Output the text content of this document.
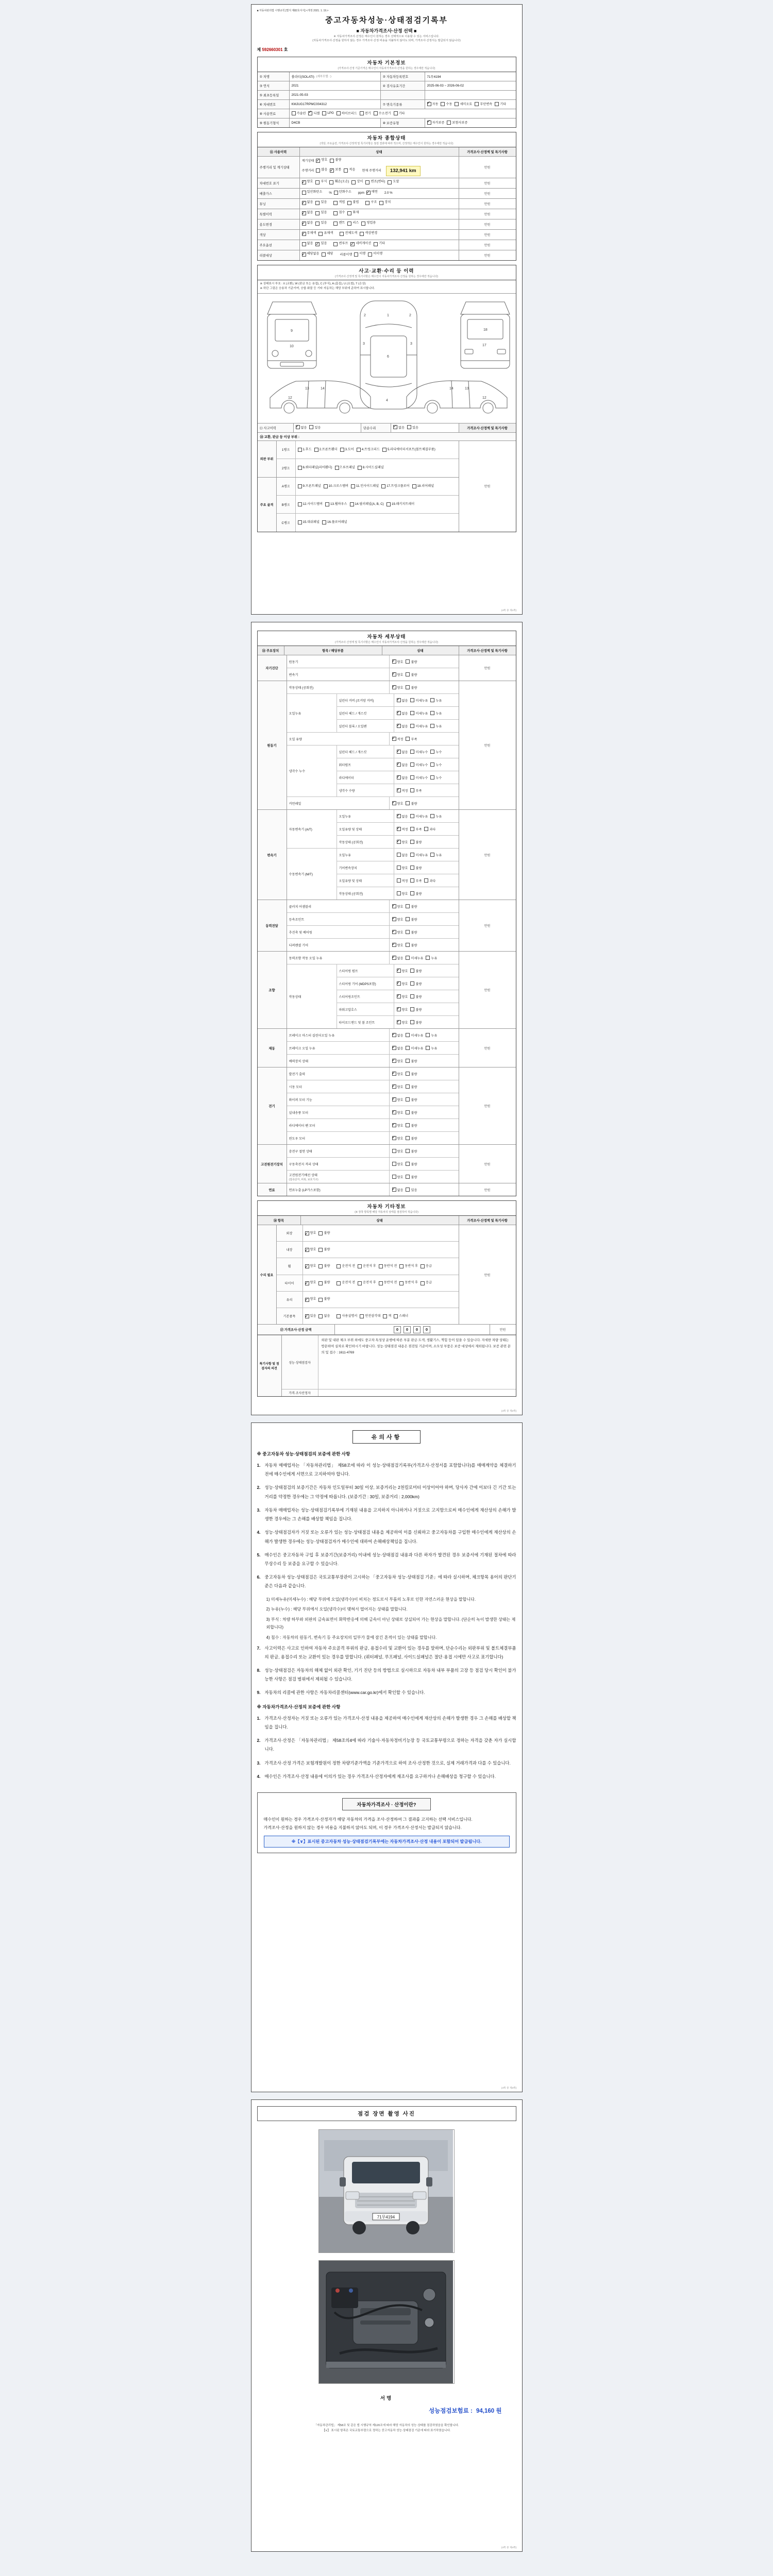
■ 자동차관리법 시행규칙 [별지 제82호서식] <개정 2021. 1. 19.>
중고자동차성능·상태점검기록부
■ 자동차가격조사·산정 선택 ■
※ 자동차가격조사·산정은 매수인이 원하는 경우 선택적으로 이용할 수 있는 서비스입니다.
(자동차가격조사·산정을 원하지 않는 경우 가격조사·산정 비용을 지불하지 않아도 되며, 가격조사·산정서는 발급되지 않습니다)
제 592660301 호
자동차 기본정보
(가격조사·산정 기준가격은 매수인이 자동차가격조사·산정을 원하는 경우에만 적습니다)
① 차명	쏠라티(SOLATI) (세부모델 : )	② 자동차등록번호	71무4194
③ 연식	2021	④ 검사유효기간	2025-06-03 ~ 2026-06-02
⑤ 최초등록일	2021-05-03
⑥ 차대번호	KMJUG17RPMC004312	⑦ 변속기종류 ✓	자동 수동 세미오토 무단변속 기타
⑧ 사용연료	가솔린 ✓ 디젤 LPG 하이브리드 전기 수소전기 기타
⑨ 원동기형식	D4CB	⑩ 보증유형 ✓	자가보증 보험사보증
자동차 종합상태
(색상, 주요옵션, 가격조사·산정액 및 특기사항은 점검 결과에 따라 적으며, 산정액은 매수인이 원하는 경우에만 적습니다)
⑪ 사용이력	상태	가격조사·산정액 및 특기사항
주행거리 및 계기상태
계기상태 ✓ 양호 불량
주행거리 많음 ✓ 보통 적음 현재 주행거리	132,941 km
만원
차대번호 표기 ✓	양호 부식 훼손(오손) 상이 변조(변타) 도말
만원
배출가스	일산화탄소 % 탄화수소 ppm ✓ 매연 2.0 %	만원
튜닝 ✓	없음 있음	적법 불법	구조 장치
만원
특별이력 ✓	없음 있음	침수 화재
만원
용도변경 ✓	없음 있음	렌트 리스 영업용
만원
색상 ✓	무채색 유채색	전체도색 색상변경
만원
주요옵션	없음 ✓ 있음	썬루프 ✓ 네비게이션 기타
만원
리콜대상 ✓	해당없음 해당 리콜이행 이행 미이행
만원
사고·교환·수리 등 이력
(가격조사·산정액 및 특기사항은 매수인이 자동차가격조사·산정을 원하는 경우에만 적습니다)
※ 상태표시 부호 : X (교환), W (판금 또는 용접), C (부식), A (흠집), U (요철), T (손상)
※ 하단 그림은 승용차 기준이며, 승합·화물 등 기타 자동차는 해당 부위에 준하여 표시합니다.
9
10
1
6
4
3	3
2	2
18
17
13	14
12
13
14
12
⑬ 사고이력 ✓	없음 있음	단순수리 ✓	없음 있음	가격조사·산정액 및 특기사항
⑭ 교환, 판금 등 이상 부위 :
외판 부위
1랭크	1.후드 2.프론트휀더 3.도어 4.트렁크리드 5.라디에이터서포트(볼트체결부품)
2랭크	6.쿼터패널(리어휀더) 7.루프패널 8.사이드실패널
주요 골격
A랭크	9.프론트패널 10.크로스멤버 11.인사이드패널 17.트렁크플로어 18.리어패널
B랭크	12.사이드멤버 13.휠하우스 14.필러패널(A, B, C) 19.패키지트레이
C랭크	15.대쉬패널 16.플로어패널
만원
(4쪽 중 제1쪽)
자동차 세부상태
(가격조사·산정액 및 특기사항은 매수인이 자동차가격조사·산정을 원하는 경우에만 적습니다)
⑮ 주요장치	항목 / 해당부품	상태	가격조사·산정액 및 특기사항
자기진단
원동기 ✓	양호 불량
변속기 ✓	양호 불량
만원
원동기
작동상태 (공회전) ✓	양호 불량
오일누유
실린더 커버 (로커암 커버) ✓	없음 미세누유 누유
실린더 헤드 / 개스킷 ✓	없음 미세누유 누유
실린더 블록 / 오일팬 ✓	없음 미세누유 누유
오일 유량 ✓	적정 부족
냉각수 누수
실린더 헤드 / 개스킷 ✓	없음 미세누수 누수
워터펌프 ✓	없음 미세누수 누수
라디에이터 ✓	없음 미세누수 누수
냉각수 수량 ✓	적정 부족
커먼레일 ✓	양호 불량
만원
변속기
자동변속기 (A/T)
오일누유 ✓	없음 미세누유 누유
오일유량 및 상태 ✓	적정 부족 과다
작동상태 (공회전) ✓	양호 불량
수동변속기 (M/T)
오일누유	없음 미세누유 누유
기어변속장치	양호 불량
오일유량 및 상태	적정 부족 과다
작동상태 (공회전)	양호 불량
만원
동력전달
클러치 어셈블리 ✓	양호 불량
등속조인트 ✓	양호 불량
추진축 및 베어링 ✓	양호 불량
디퍼렌셜 기어 ✓	양호 불량
만원
조향
동력조향 작동 오일 누유 ✓	없음 미세누유 누유
작동상태
스티어링 펌프 ✓	양호 불량
스티어링 기어 (MDPS포함) ✓	양호 불량
스티어링조인트 ✓	양호 불량
파워고압호스 ✓	양호 불량
타이로드엔드 및 볼 조인트 ✓	양호 불량
만원
제동
브레이크 마스터 실린더오일 누유 ✓	없음 미세누유 누유
브레이크 오일 누유 ✓	없음 미세누유 누유
배력장치 상태 ✓	양호 불량
만원
전기
발전기 출력 ✓	양호 불량
시동 모터 ✓	양호 불량
와이퍼 모터 기능 ✓	양호 불량
실내송풍 모터 ✓	양호 불량
라디에이터 팬 모터 ✓	양호 불량
윈도우 모터 ✓	양호 불량
만원
고전원전기장치
충전구 절연 상태	양호 불량
구동축전지 격리 상태	양호 불량
고전원전기배선 상태
(접속단자, 피복, 보호기구)
양호 불량
만원
연료	연료누출 (LP가스포함) ✓	없음 있음	만원
자동차 기타정보
(※ 장착 항목별 해당 자동차의 상태를 점검하여 적습니다)
⑯ 항목	상태	가격조사·산정액 및 특기사항
수리 필요
외장 ✓	양호 불량
내장 ✓	양호 불량
휠 ✓	양호 불량	운전석 전 운전석 후 동반석 전 동반석 후 응급
타이어 ✓	양호 불량	운전석 전 운전석 후 동반석 전 동반석 후 응급
유리 ✓	양호 불량
기본품목 ✓	있음 없음	사용설명서 안전삼각대 잭 스패너
만원
⑰ 가격조사·산정 금액	0	0	0	0	만원
특기사항 및 점검자의 의견
성능·상태점검자
외판 및 내판 체크 부위 외에도 중고차 특성상 운행에 따른 부분 판금·도색, 생활기스, 찍힘 등이 있을 수 있습니다. 자세한 차량 상태는 방문하여 실차로 확인하시기 바랍니다. 성능·상태점검 내용은 점검일 기준이며, 소모성 부품은 보증 대상에서 제외됩니다. 보증 관련 문의 및 접수 : 1611-4769
가격·조사산정자
(4쪽 중 제2쪽)
유의사항
※ 중고자동차 성능·상태점검의 보증에 관한 사항
1. 자동차 매매업자는 「자동차관리법」 제58조에 따라 이 성능·상태점검기록부(가격조사·산정서를 포함합니다)를 매매계약을 체결하기 전에 매수인에게 서면으로 고지하여야 합니다.
2. 성능·상태점검의 보증기간은 자동차 인도일부터 30일 이상, 보증거리는 2천킬로미터 이상이어야 하며, 당사자 간에 이보다 긴 기간 또는 거리를 약정한 경우에는 그 약정에 따릅니다. (보증기간 : 30일, 보증거리 : 2,000km)
3. 자동차 매매업자는 성능·상태점검기록부에 기재된 내용을 고지하지 아니하거나 거짓으로 고지함으로써 매수인에게 재산상의 손해가 발생한 경우에는 그 손해를 배상할 책임을 집니다.
4. 성능·상태점검자가 거짓 또는 오류가 있는 성능·상태점검 내용을 제공하여 이를 신뢰하고 중고자동차를 구입한 매수인에게 재산상의 손해가 발생한 경우에는 성능·상태점검자가 매수인에 대하여 손해배상책임을 집니다.
5. 매수인은 중고자동차 구입 후 보증기간(보증거리) 이내에 성능·상태점검 내용과 다른 하자가 발견된 경우 보증서에 기재된 절차에 따라 무상수리 등 보증을 요구할 수 있습니다.
6. 중고자동차 성능·상태점검은 국토교통부장관이 고시하는 「중고자동차 성능·상태점검 기준」에 따라 실시하며, 체크항목 용어의 판단기준은 다음과 같습니다.
1) 미세누유(미세누수) : 해당 부위에 오일(냉각수)이 비치는 정도로서 부품의 노후로 인한 자연스러운 현상을 말합니다.
2) 누유(누수) : 해당 부위에서 오일(냉각수)이 맺혀서 떨어지는 상태를 말합니다.
3) 부식 : 차량 하부와 외판의 금속표면이 화학반응에 의해 금속이 아닌 상태로 상실되어 가는 현상을 말합니다. (단순히 녹이 발생한 상태는 제외합니다)
4) 침수 : 자동차의 원동기, 변속기 등 주요장치의 일부가 물에 잠긴 흔적이 있는 상태를 말합니다.
7. 사고이력은 사고로 인하여 자동차 주요골격 부위의 판금, 용접수리 및 교환이 있는 경우를 말하며, 단순수리는 외판부위 및 볼트체결부품의 판금, 용접수리 또는 교환이 있는 경우를 말합니다. (쿼터패널, 루프패널, 사이드실패널은 절단·용접 시에만 사고로 표기합니다)
8. 성능·상태점검은 자동차의 해체 없이 외관 확인, 기기 진단 등의 방법으로 실시하므로 자동차 내부 부품의 고장 등 점검 당시 확인이 불가능한 사항은 점검 범위에서 제외될 수 있습니다.
9. 자동차의 리콜에 관한 사항은 자동차리콜센터(www.car.go.kr)에서 확인할 수 있습니다.
※ 자동차가격조사·산정의 보증에 관한 사항
1. 가격조사·산정자는 거짓 또는 오류가 있는 가격조사·산정 내용을 제공하여 매수인에게 재산상의 손해가 발생한 경우 그 손해를 배상할 책임을 집니다.
2. 가격조사·산정은 「자동차관리법」 제58조의4에 따라 기술사·자동차정비기능장 등 국토교통부령으로 정하는 자격을 갖춘 자가 실시합니다.
3. 가격조사·산정 가격은 보험개발원이 정한 차량기준가액을 기준가격으로 하여 조사·산정한 것으로, 실제 거래가격과 다를 수 있습니다.
4. 매수인은 가격조사·산정 내용에 이의가 있는 경우 가격조사·산정자에게 재조사를 요구하거나 손해배상을 청구할 수 있습니다.
자동차가격조사 · 산정이란?
매수인이 원하는 경우 가격조사·산정자가 해당 자동차의 가격을 조사·산정하여 그 결과를 고지하는 선택 서비스입니다.
가격조사·산정을 원하지 않는 경우 비용을 지불하지 않아도 되며, 이 경우 가격조사·산정서는 발급되지 않습니다.
※【∨】표시된 중고자동차 성능·상태점검기록부에는 자동차가격조사·산정 내용이 포함되어 발급됩니다.
(4쪽 중 제3쪽)
점검 장면 촬영 사진
71무4194
서명
성능점검보험료 : 94,160 원
「자동차관리법」 제58조 및 같은 법 시행규칙 제120조에 따라 해당 자동차의 성능·상태를 점검하였음을 확인합니다.
【∨】 표시된 항목은 국토교통부령으로 정하는 중고자동차 성능·상태점검 기준에 따라 표기하였습니다.
(4쪽 중 제4쪽)
